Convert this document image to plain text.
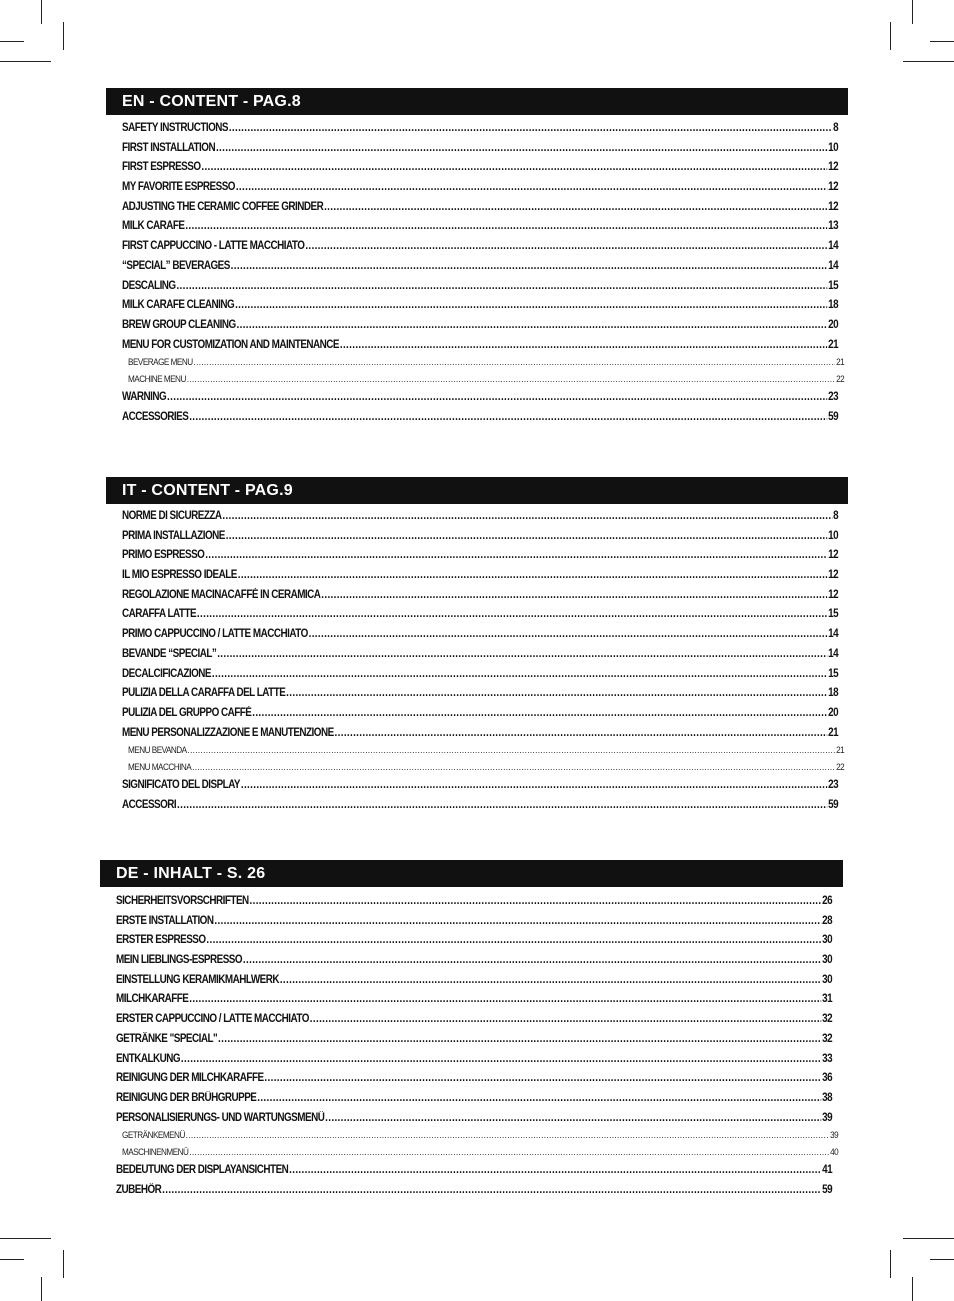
EN - CONTENT - PAG.8
SAFETY INSTRUCTIONS .....	8
FIRST INSTALLATION .....	10
FIRST ESPRESSO .....	12
MY FAVORITE ESPRESSO .....	12
ADJUSTING THE CERAMIC COFFEE GRINDER .....	12
MILK CARAFE .....	13
FIRST CAPPUCCINO - LATTE MACCHIATO .....	14
“SPECIAL” BEVERAGES .....	14
DESCALING .....	15
MILK CARAFE CLEANING .....	18
BREW GROUP CLEANING .....	20
MENU FOR CUSTOMIZATION AND MAINTENANCE .....	21
BEVERAGE MENU .....	21
MACHINE MENU .....	22
WARNING .....	23
ACCESSORIES .....	59
IT - CONTENT - PAG.9
NORME DI SICUREZZA .....	8
PRIMA INSTALLAZIONE .....	10
PRIMO ESPRESSO .....	12
IL MIO ESPRESSO IDEALE .....	12
REGOLAZIONE MACINACAFFÈ IN CERAMICA .....	12
CARAFFA LATTE .....	15
PRIMO CAPPUCCINO / LATTE MACCHIATO .....	14
BEVANDE “SPECIAL” .....	14
DECALCIFICAZIONE .....	15
PULIZIA DELLA CARAFFA DEL LATTE .....	18
PULIZIA DEL GRUPPO CAFFÈ .....	20
MENU PERSONALIZZAZIONE E MANUTENZIONE .....	21
MENU BEVANDA .....	21
MENU MACCHINA .....	22
SIGNIFICATO DEL DISPLAY .....	23
ACCESSORI .....	59
DE - INHALT - S. 26
SICHERHEITSVORSCHRIFTEN .....	26
ERSTE INSTALLATION .....	28
ERSTER ESPRESSO .....	30
MEIN LIEBLINGS-ESPRESSO .....	30
EINSTELLUNG KERAMIKMAHLWERK .....	30
MILCHKARAFFE .....	31
ERSTER CAPPUCCINO / LATTE MACCHIATO .....	32
GETRÄNKE "SPECIAL" .....	32
ENTKALKUNG .....	33
REINIGUNG DER MILCHKARAFFE .....	36
REINIGUNG DER BRÜHGRUPPE .....	38
PERSONALISIERUNGS- UND WARTUNGSMENÜ .....	39
GETRÄNKEMENÜ .....	39
MASCHINENMENÜ .....	40
BEDEUTUNG DER DISPLAYANSICHTEN .....	41
ZUBEHÖR .....	59
